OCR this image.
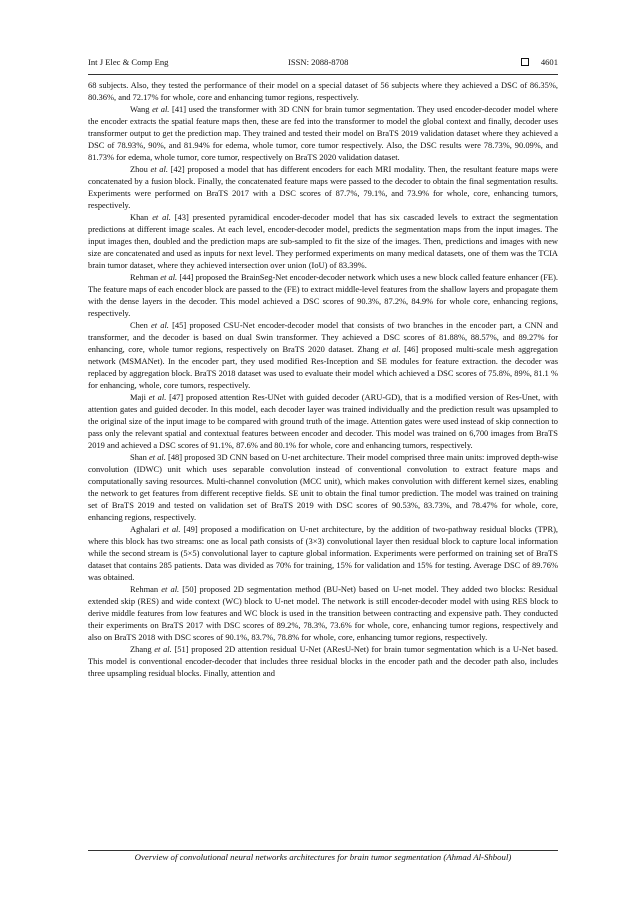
Int J Elec & Comp Eng	ISSN: 2088-8708	4601

68 subjects. Also, they tested the performance of their model on a special dataset of 56 subjects where they achieved a DSC of 86.35%, 80.36%, and 72.17% for whole, core and enhancing tumor regions, respectively.

Wang et al. [41] used the transformer with 3D CNN for brain tumor segmentation. They used encoder-decoder model where the encoder extracts the spatial feature maps then, these are fed into the transformer to model the global context and finally, decoder uses transformer output to get the prediction map. They trained and tested their model on BraTS 2019 validation dataset where they achieved a DSC of 78.93%, 90%, and 81.94% for edema, whole tumor, core tumor respectively. Also, the DSC results were 78.73%, 90.09%, and 81.73% for edema, whole tumor, core tumor, respectively on BraTS 2020 validation dataset.

Zhou et al. [42] proposed a model that has different encoders for each MRI modality. Then, the resultant feature maps were concatenated by a fusion block. Finally, the concatenated feature maps were passed to the decoder to obtain the final segmentation results. Experiments were performed on BraTS 2017 with a DSC scores of 87.7%, 79.1%, and 73.9% for whole, core, enhancing tumors, respectively.

Khan et al. [43] presented pyramidical encoder-decoder model that has six cascaded levels to extract the segmentation predictions at different image scales. At each level, encoder-decoder model, predicts the segmentation maps from the input images. The input images then, doubled and the prediction maps are sub-sampled to fit the size of the images. Then, predictions and images with new size are concatenated and used as inputs for next level. They performed experiments on many medical datasets, one of them was the TCIA brain tumor dataset, where they achieved intersection over union (IoU) of 83.39%.

Rehman et al. [44] proposed the BrainSeg-Net encoder-decoder network which uses a new block called feature enhancer (FE). The feature maps of each encoder block are passed to the (FE) to extract middle-level features from the shallow layers and propagate them with the dense layers in the decoder. This model achieved a DSC scores of 90.3%, 87.2%, 84.9% for whole core, enhancing regions, respectively.

Chen et al. [45] proposed CSU-Net encoder-decoder model that consists of two branches in the encoder part, a CNN and transformer, and the decoder is based on dual Swin transformer. They achieved a DSC scores of 81.88%, 88.57%, and 89.27% for enhancing, core, whole tumor regions, respectively on BraTS 2020 dataset. Zhang et al. [46] proposed multi-scale mesh aggregation network (MSMANet). In the encoder part, they used modified Res-Inception and SE modules for feature extraction. the decoder was replaced by aggregation block. BraTS 2018 dataset was used to evaluate their model which achieved a DSC scores of 75.8%, 89%, 81.1 % for enhancing, whole, core tumors, respectively.

Maji et al. [47] proposed attention Res-UNet with guided decoder (ARU-GD), that is a modified version of Res-Unet, with attention gates and guided decoder. In this model, each decoder layer was trained individually and the prediction result was upsampled to the original size of the input image to be compared with ground truth of the image. Attention gates were used instead of skip connection to pass only the relevant spatial and contextual features between encoder and decoder. This model was trained on 6,700 images from BraTS 2019 and achieved a DSC scores of 91.1%, 87.6% and 80.1% for whole, core and enhancing tumors, respectively.

Shan et al. [48] proposed 3D CNN based on U-net architecture. Their model comprised three main units: improved depth-wise convolution (IDWC) unit which uses separable convolution instead of conventional convolution to extract feature maps and computationally saving resources. Multi-channel convolution (MCC unit), which makes convolution with different kernel sizes, enabling the network to get features from different receptive fields. SE unit to obtain the final tumor prediction. The model was trained on training set of BraTS 2019 and tested on validation set of BraTS 2019 with DSC scores of 90.53%, 83.73%, and 78.47% for whole, core, enhancing regions, respectively.

Aghalari et al. [49] proposed a modification on U-net architecture, by the addition of two-pathway residual blocks (TPR), where this block has two streams: one as local path consists of (3×3) convolutional layer then residual block to capture local information while the second stream is (5×5) convolutional layer to capture global information. Experiments were performed on training set of BraTS dataset that contains 285 patients. Data was divided as 70% for training, 15% for validation and 15% for testing. Average DSC of 89.76% was obtained.

Rehman et al. [50] proposed 2D segmentation method (BU-Net) based on U-net model. They added two blocks: Residual extended skip (RES) and wide context (WC) block to U-net model. The network is still encoder-decoder model with using RES block to derive middle features from low features and WC block is used in the transition between contracting and expensive path. They conducted their experiments on BraTS 2017 with DSC scores of 89.2%, 78.3%, 73.6% for whole, core, enhancing tumor regions, respectively and also on BraTS 2018 with DSC scores of 90.1%, 83.7%, 78.8% for whole, core, enhancing tumor regions, respectively.

Zhang et al. [51] proposed 2D attention residual U-Net (AResU-Net) for brain tumor segmentation which is a U-Net based. This model is conventional encoder-decoder that includes three residual blocks in the encoder path and the decoder path also, includes three upsampling residual blocks. Finally, attention and

Overview of convolutional neural networks architectures for brain tumor segmentation (Ahmad Al-Shboul)
